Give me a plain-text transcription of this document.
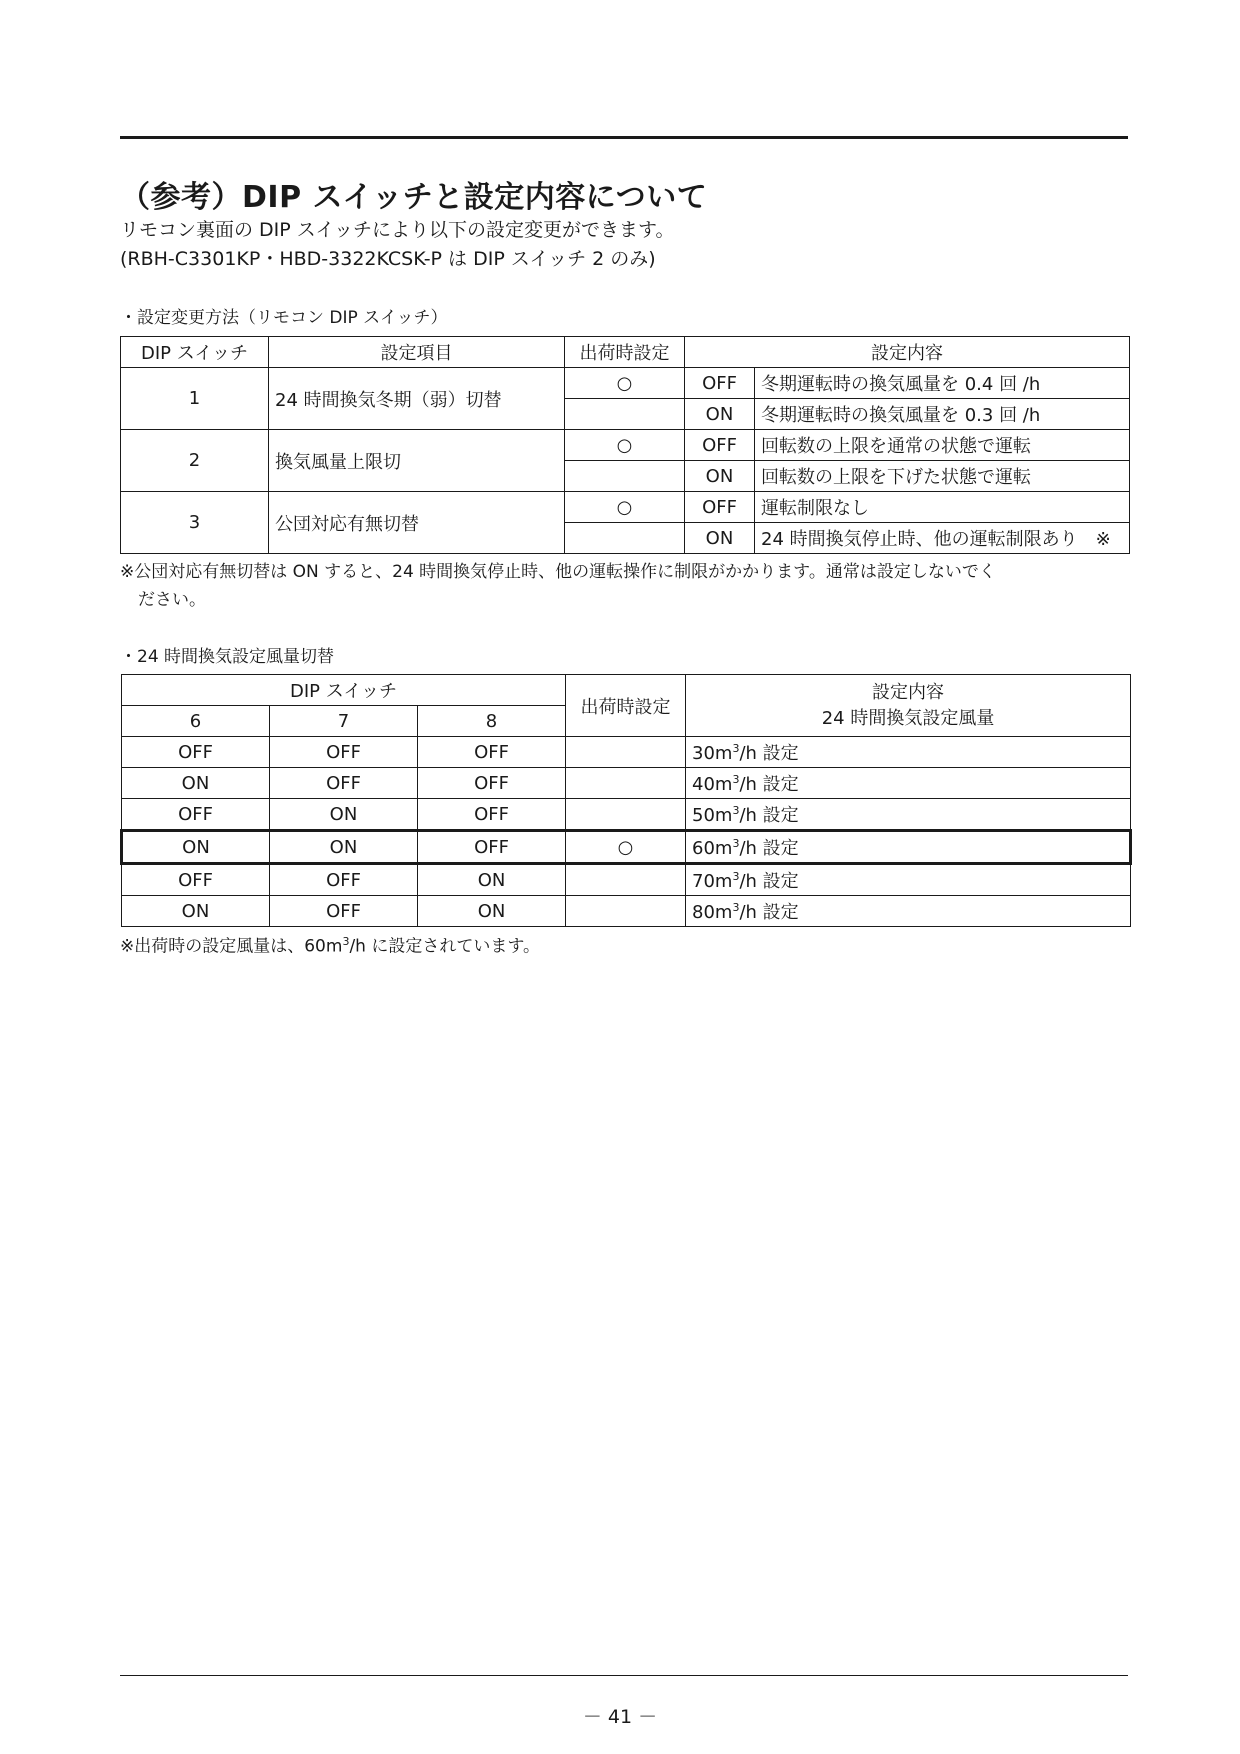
（参考）DIP スイッチと設定内容について
リモコン裏面の DIP スイッチにより以下の設定変更ができます。
(RBH-C3301KP・HBD-3322KCSK-P は DIP スイッチ 2 のみ)
・設定変更方法（リモコン DIP スイッチ）
DIP スイッチ	設定項目	出荷時設定	設定内容	
1	24 時間換気冬期（弱）切替	○	OFF	冬期運転時の換気風量を 0.4 回 /h
			ON	冬期運転時の換気風量を 0.3 回 /h
2	換気風量上限切	○	OFF	回転数の上限を通常の状態で運転
			ON	回転数の上限を下げた状態で運転
3	公団対応有無切替	○	OFF	運転制限なし
			ON	24 時間換気停止時、他の運転制限あり　※
※公団対応有無切替は ON すると、24 時間換気停止時、他の運転操作に制限がかかります。通常は設定しないでく
ださい。
・24 時間換気設定風量切替
DIP スイッチ			出荷時設定	設定内容
24 時間換気設定風量

6	7	8		
OFF	OFF	OFF		$30m^3/h$ 設定
ON	OFF	OFF		$40m^3/h$ 設定
OFF	ON	OFF		$50m^3/h$ 設定
ON	ON	OFF	○	$60m^3/h$ 設定
OFF	OFF	ON		$70m^3/h$ 設定
ON	OFF	ON		$80m^3/h$ 設定
※出荷時の設定風量は、$60m^3/h$ に設定されています。
－ 41 －
